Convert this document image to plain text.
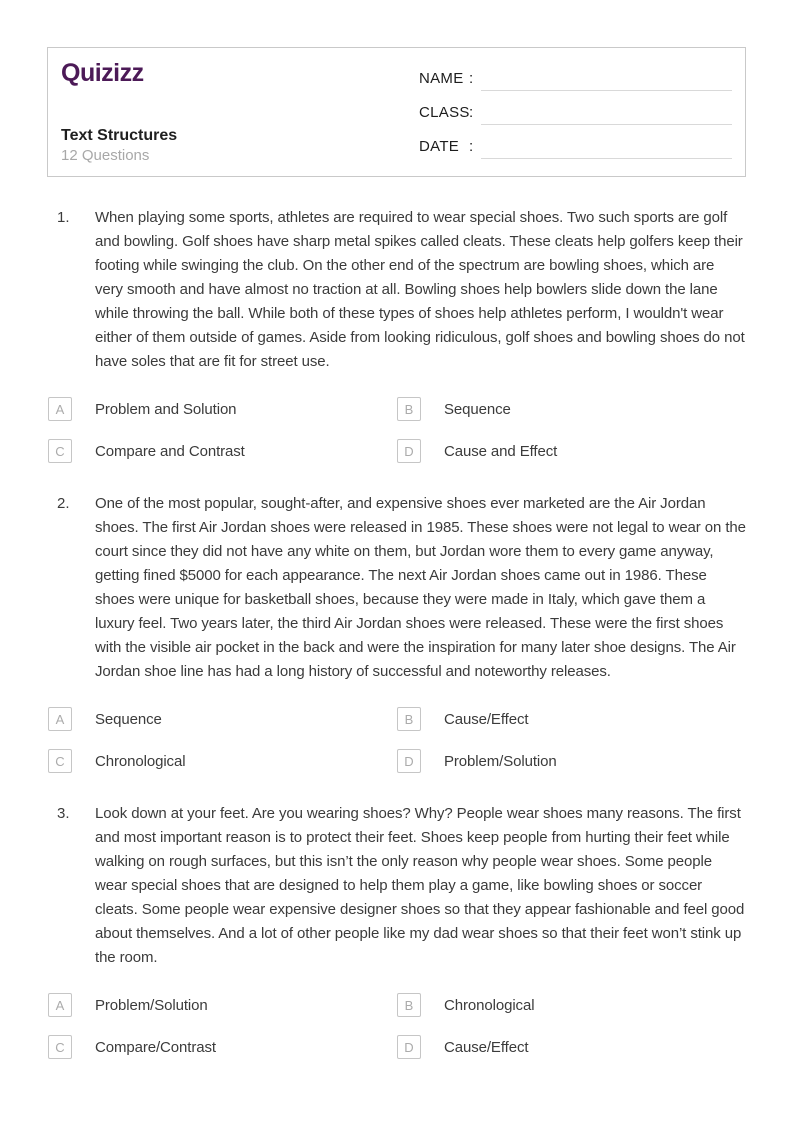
Quizizz
Text Structures
12 Questions
NAME :
CLASS :
DATE :
1.	When playing some sports, athletes are required to wear special shoes. Two such sports are golf and bowling. Golf shoes have sharp metal spikes called cleats. These cleats help golfers keep their footing while swinging the club. On the other end of the spectrum are bowling shoes, which are very smooth and have almost no traction at all. Bowling shoes help bowlers slide down the lane while throwing the ball. While both of these types of shoes help athletes perform, I wouldn't wear either of them outside of games. Aside from looking ridiculous, golf shoes and bowling shoes do not have soles that are fit for street use.
A	Problem and Solution	B	Sequence
C	Compare and Contrast	D	Cause and Effect
2.	One of the most popular, sought-after, and expensive shoes ever marketed are the Air Jordan shoes. The first Air Jordan shoes were released in 1985. These shoes were not legal to wear on the court since they did not have any white on them, but Jordan wore them to every game anyway, getting fined $5000 for each appearance. The next Air Jordan shoes came out in 1986. These shoes were unique for basketball shoes, because they were made in Italy, which gave them a luxury feel. Two years later, the third Air Jordan shoes were released. These were the first shoes with the visible air pocket in the back and were the inspiration for many later shoe designs. The Air Jordan shoe line has had a long history of successful and noteworthy releases.
A	Sequence	B	Cause/Effect
C	Chronological	D	Problem/Solution
3.	Look down at your feet. Are you wearing shoes? Why? People wear shoes many reasons. The first and most important reason is to protect their feet. Shoes keep people from hurting their feet while walking on rough surfaces, but this isn’t the only reason why people wear shoes. Some people wear special shoes that are designed to help them play a game, like bowling shoes or soccer cleats. Some people wear expensive designer shoes so that they appear fashionable and feel good about themselves. And a lot of other people like my dad wear shoes so that their feet won’t stink up the room.
A	Problem/Solution	B	Chronological
C	Compare/Contrast	D	Cause/Effect
